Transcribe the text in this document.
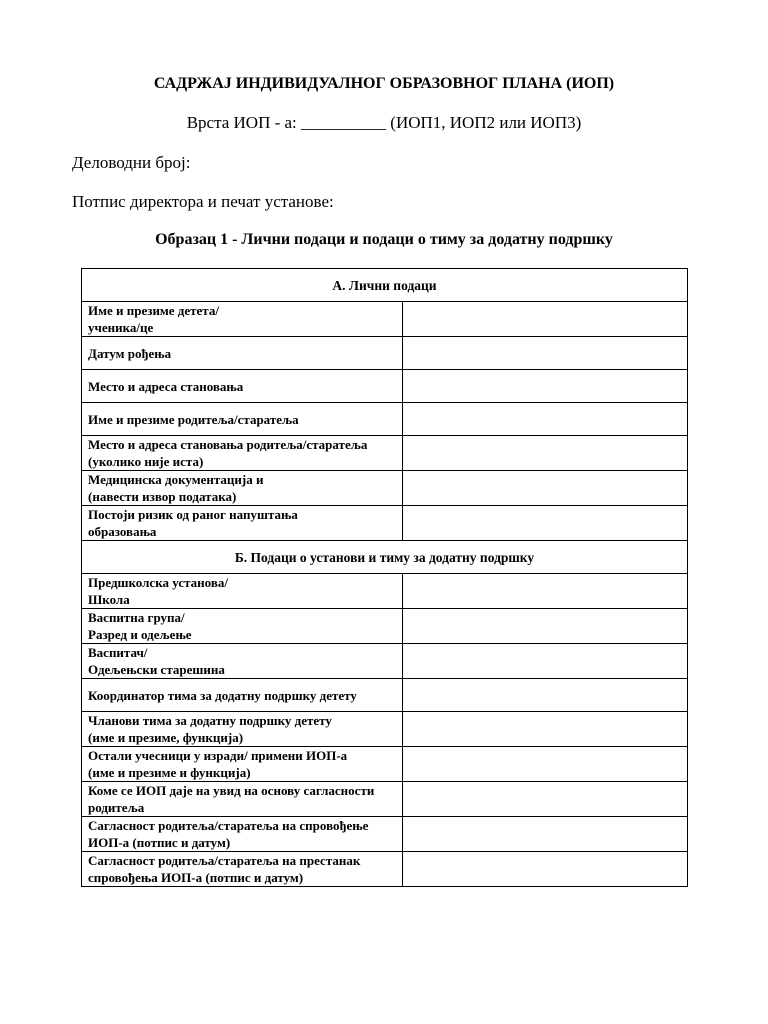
САДРЖАЈ ИНДИВИДУАЛНОГ ОБРАЗОВНОГ ПЛАНА (ИОП)
Врста ИОП - а: __________ (ИОП1, ИОП2 или ИОП3)
Деловодни број:
Потпис директора и печат установе:
Образац 1 - Лични подаци и подаци о тиму за додатну подршку
А. Лични подаци	
Име и презиме детета/
ученика/це	
Датум рођења	
Место и адреса становања	
Име и презиме родитеља/старатеља	
Место и адреса становања родитеља/старатеља
(уколико није иста)	
Медицинска документација и
(навести извор података)	
Постоји ризик од раног напуштања
образовања	
Б. Подаци о установи и тиму за додатну подршку	
Предшколска установа/
Школа	
Васпитна група/
Разред и одељење	
Васпитач/
Одељењски старешина	
Координатор тима за додатну подршку детету	
Чланови тима за додатну подршку детету
(име и презиме, функција)	
Остали учесници у изради/ примени ИОП-а
(име и презиме и функција)	
Коме се ИОП даје на увид на основу сагласности
родитеља	
Сагласност родитеља/старатеља на спровођење
ИОП-а (потпис и датум)	
Сагласност родитеља/старатеља на престанак
спровођења ИОП-а (потпис и датум)	
